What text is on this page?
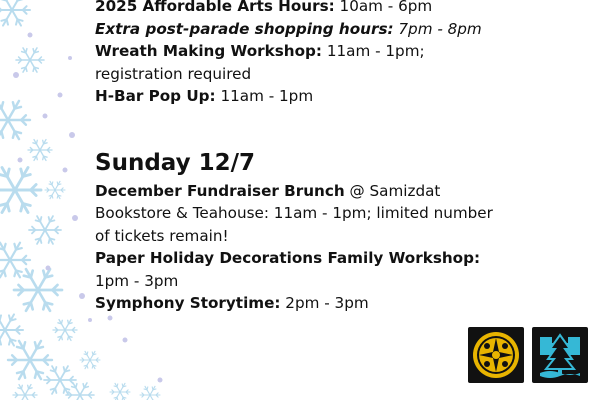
2025 Affordable Arts Hours: 10am - 6pm
Extra post-parade shopping hours: 7pm - 8pm
Wreath Making Workshop: 11am - 1pm;
registration required
H-Bar Pop Up: 11am - 1pm
Sunday 12/7
December Fundraiser Brunch @ Samizdat
Bookstore & Teahouse: 11am - 1pm; limited number
of tickets remain!
Paper Holiday Decorations Family Workshop:
1pm - 3pm
Symphony Storytime: 2pm - 3pm
